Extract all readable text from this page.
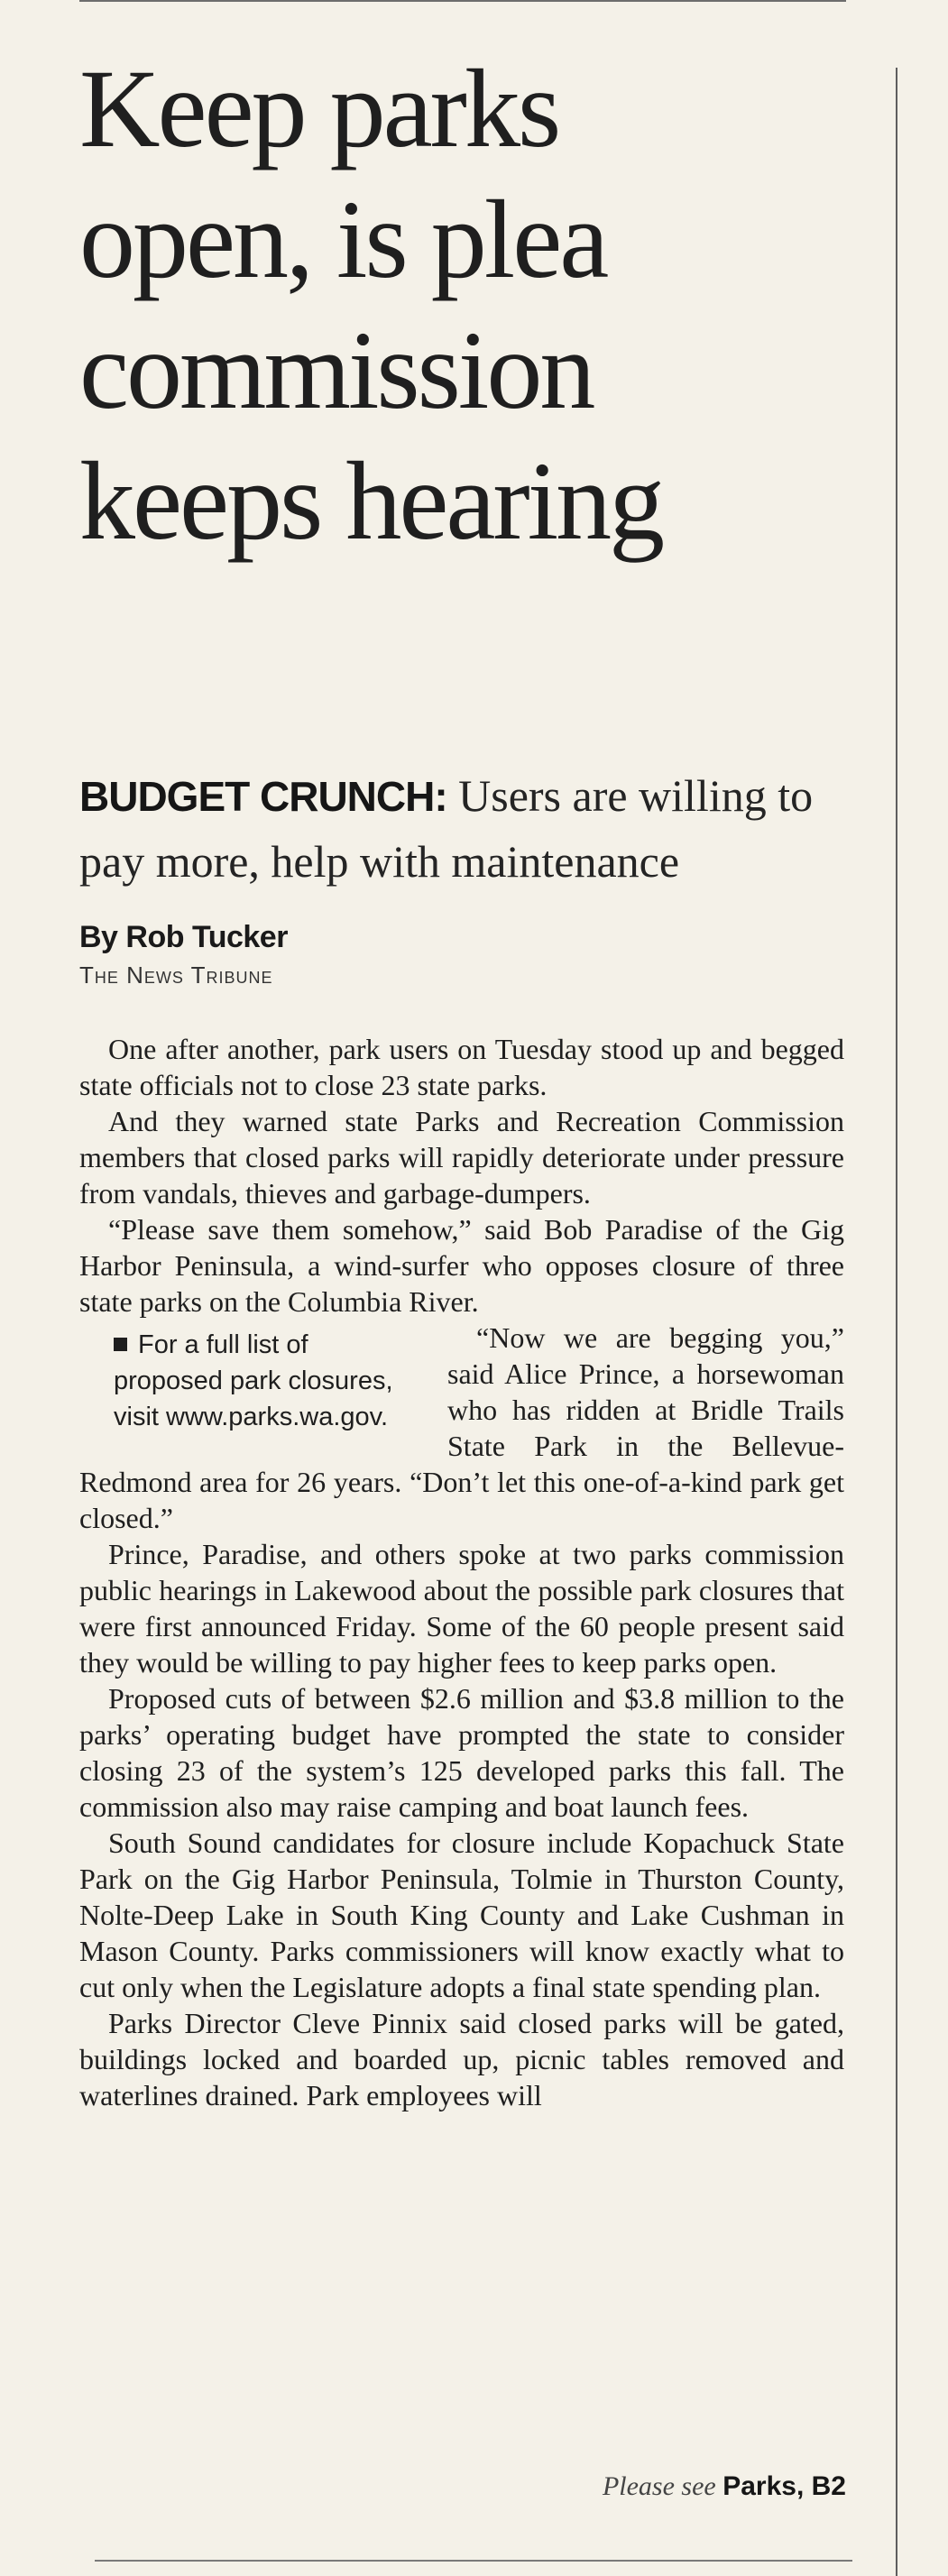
Keep parks
open, is plea
commission
keeps hearing
BUDGET CRUNCH: Users are willing to pay more, help with maintenance
By Rob Tucker
The News Tribune

One after another, park users on Tuesday stood up and begged state officials not to close 23 state parks.

And they warned state Parks and Recreation Commission members that closed parks will rapidly deteriorate under pressure from vandals, thieves and garbage-dumpers.

“Please save them somehow,” said Bob Paradise of the Gig Harbor Peninsula, a wind-surfer who opposes closure of three state parks on the Columbia River.

For a full list of proposed park closures, visit www.parks.wa.gov.

“Now we are begging you,” said Alice Prince, a horsewoman who has ridden at Bridle Trails State Park in the Bellevue-Redmond area for 26 years. “Don’t let this one-of-a-kind park get closed.”

Prince, Paradise, and others spoke at two parks commission public hearings in Lakewood about the possible park closures that were first announced Friday. Some of the 60 people present said they would be willing to pay higher fees to keep parks open.

Proposed cuts of between $2.6 million and $3.8 million to the parks’ operating budget have prompted the state to consider closing 23 of the system’s 125 developed parks this fall. The commission also may raise camping and boat launch fees.

South Sound candidates for closure include Kopachuck State Park on the Gig Harbor Peninsula, Tolmie in Thurston County, Nolte-Deep Lake in South King County and Lake Cushman in Mason County. Parks commissioners will know exactly what to cut only when the Legislature adopts a final state spending plan.

Parks Director Cleve Pinnix said closed parks will be gated, buildings locked and boarded up, picnic tables removed and waterlines drained. Park employees will

Please see Parks, B2
